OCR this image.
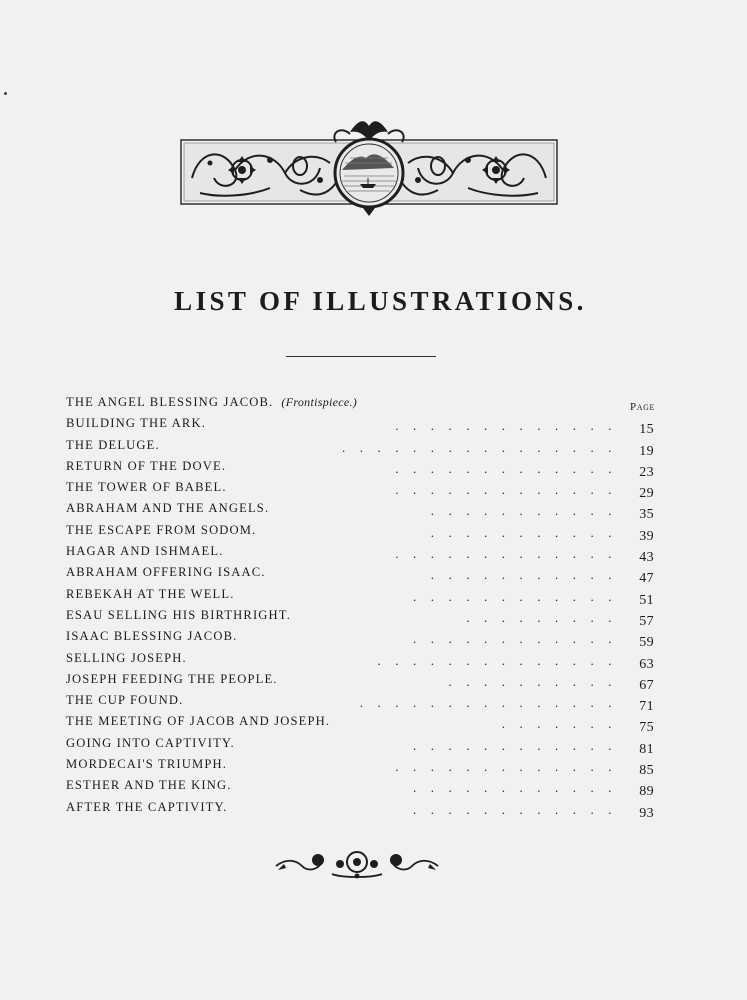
LIST OF ILLUSTRATIONS.
Page
THE ANGEL BLESSING JACOB. (Frontispiece.)
BUILDING THE ARK.	............. 15
THE DELUGE.	................ 19
RETURN OF THE DOVE.	............. 23
THE TOWER OF BABEL.	............. 29
ABRAHAM AND THE ANGELS.	........... 35
THE ESCAPE FROM SODOM.	........... 39
HAGAR AND ISHMAEL.	............. 43
ABRAHAM OFFERING ISAAC.	........... 47
REBEKAH AT THE WELL.	............ 51
ESAU SELLING HIS BIRTHRIGHT.	......... 57
ISAAC BLESSING JACOB.	............ 59
SELLING JOSEPH.	.............. 63
JOSEPH FEEDING THE PEOPLE.	.......... 67
THE CUP FOUND.	............... 71
THE MEETING OF JACOB AND JOSEPH.	....... 75
GOING INTO CAPTIVITY.	............ 81
MORDECAI'S TRIUMPH.	............. 85
ESTHER AND THE KING.	............ 89
AFTER THE CAPTIVITY.	............ 93
